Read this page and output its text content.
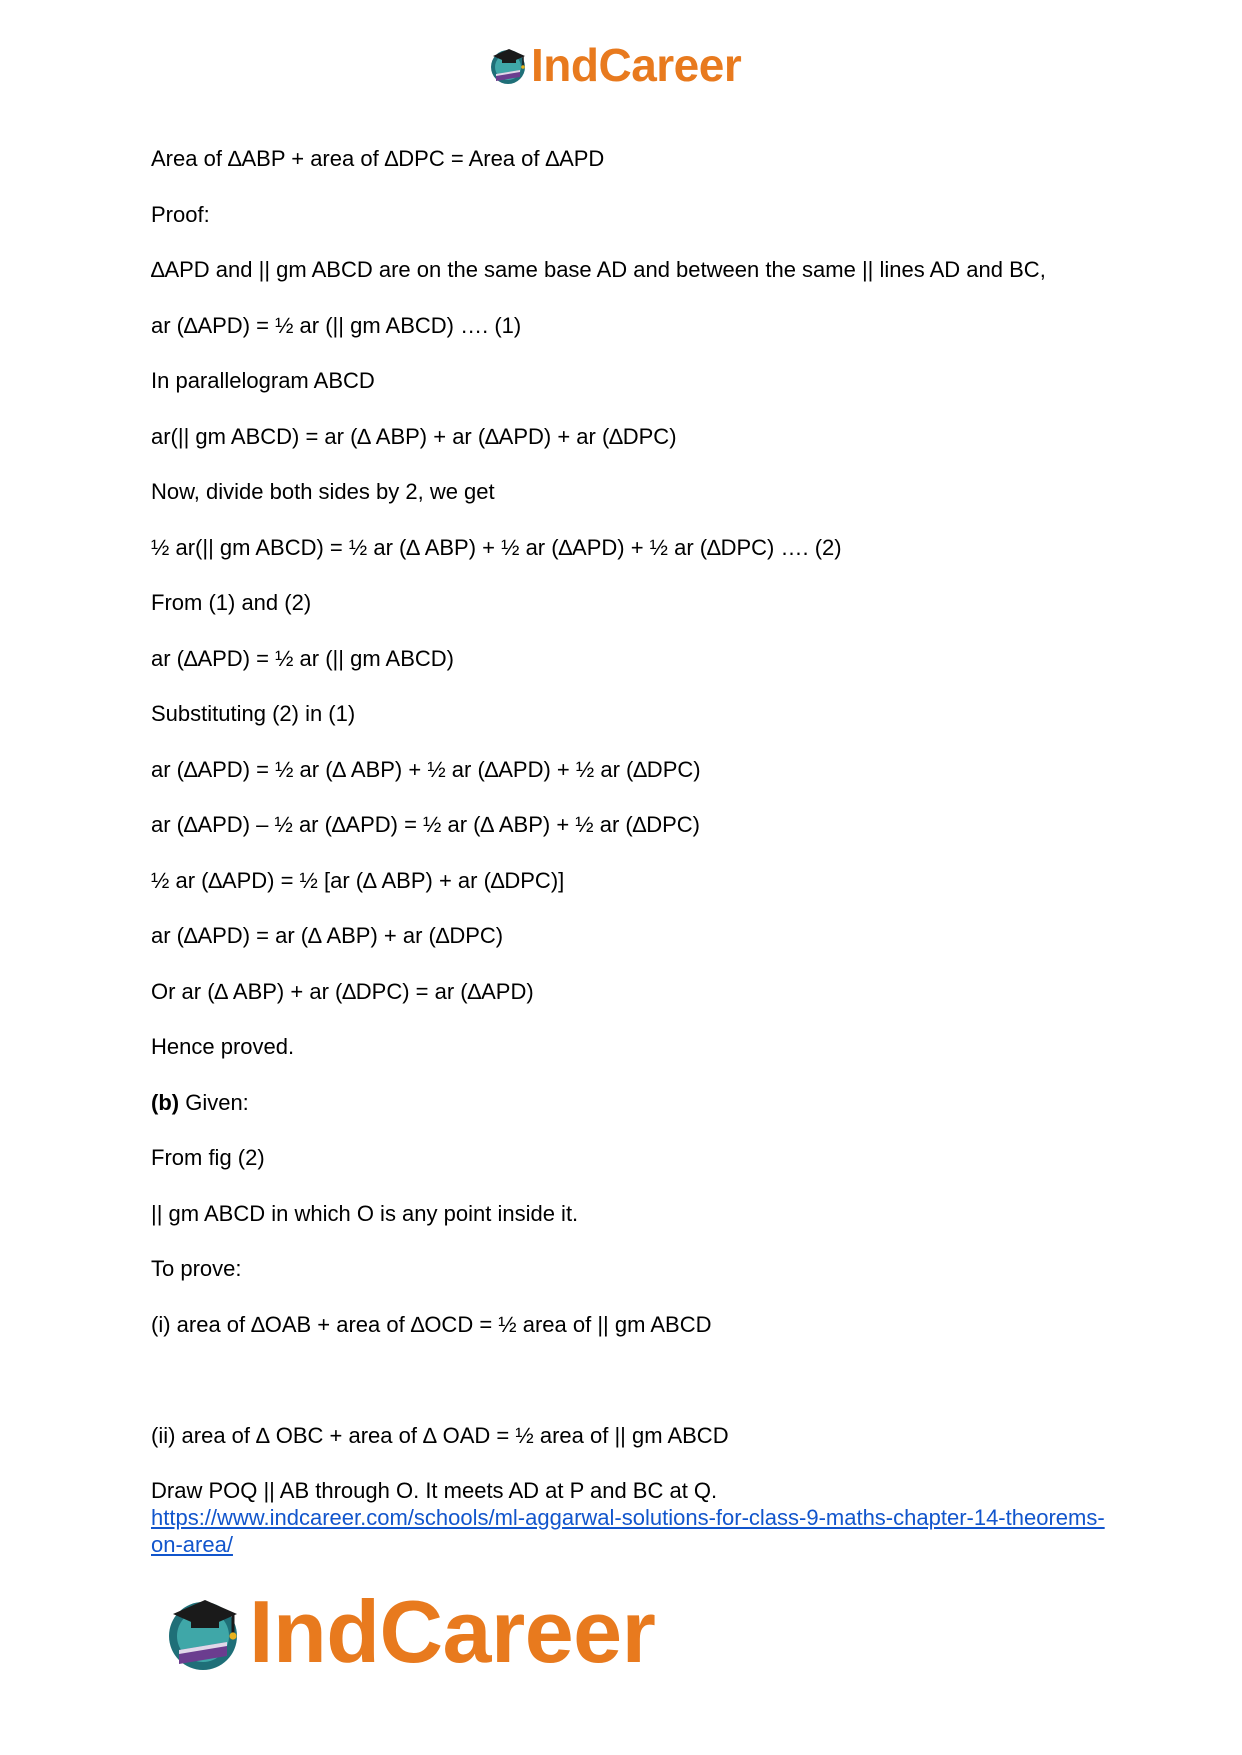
IndCareer
Area of ∆ABP + area of ∆DPC = Area of ∆APD
Proof:
∆APD and || gm ABCD are on the same base AD and between the same || lines AD and BC,
ar (∆APD) = ½ ar (|| gm ABCD) …. (1)
In parallelogram ABCD
ar(|| gm ABCD) = ar (∆ ABP) + ar (∆APD) + ar (∆DPC)
Now, divide both sides by 2, we get
½ ar(|| gm ABCD) = ½ ar (∆ ABP) + ½ ar (∆APD) + ½ ar (∆DPC) …. (2)
From (1) and (2)
ar (∆APD) = ½ ar (|| gm ABCD)
Substituting (2) in (1)
ar (∆APD) = ½ ar (∆ ABP) + ½ ar (∆APD) + ½ ar (∆DPC)
ar (∆APD) – ½ ar (∆APD) = ½ ar (∆ ABP) + ½ ar (∆DPC)
½ ar (∆APD) = ½ [ar (∆ ABP) + ar (∆DPC)]
ar (∆APD) = ar (∆ ABP) + ar (∆DPC)
Or ar (∆ ABP) + ar (∆DPC) = ar (∆APD)
Hence proved.
(b) Given:
From fig (2)
|| gm ABCD in which O is any point inside it.
To prove:
(i) area of ∆OAB + area of ∆OCD = ½ area of || gm ABCD
(ii) area of ∆ OBC + area of ∆ OAD = ½ area of || gm ABCD
Draw POQ || AB through O. It meets AD at P and BC at Q.
https://www.indcareer.com/schools/ml-aggarwal-solutions-for-class-9-maths-chapter-14-theorems-on-area/
IndCareer
